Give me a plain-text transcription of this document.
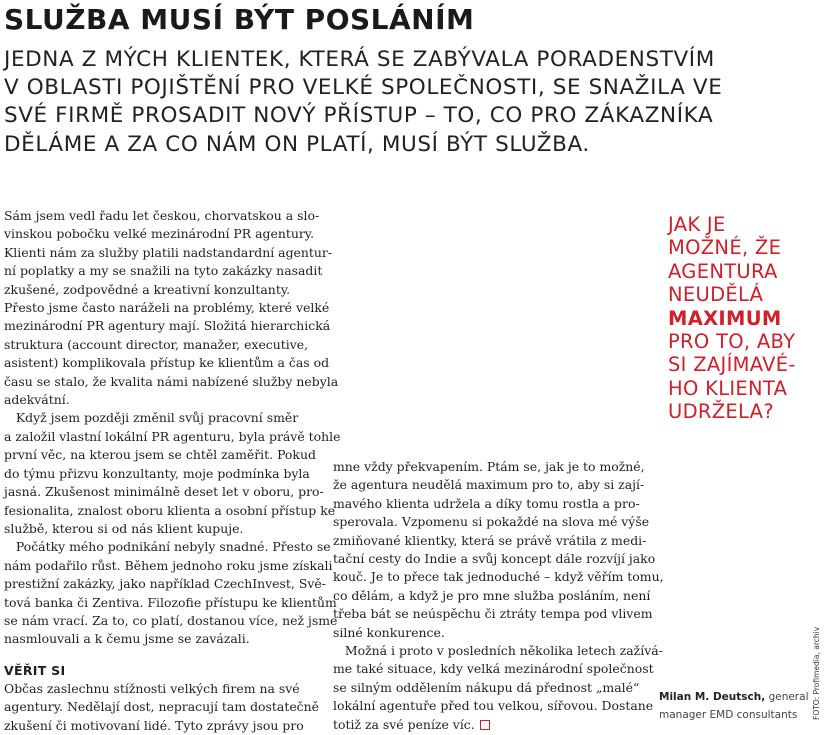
SLUŽBA MUSÍ BÝT POSLÁNÍM
JEDNA Z MÝCH KLIENTEK, KTERÁ SE ZABÝVALA PORADENSTVÍM
V OBLASTI POJIŠTĚNÍ PRO VELKÉ SPOLEČNOSTI, SE SNAŽILA VE
SVÉ FIRMĚ PROSADIT NOVÝ PŘÍSTUP – TO, CO PRO ZÁKAZNÍKA
DĚLÁME A ZA CO NÁM ON PLATÍ, MUSÍ BÝT SLUŽBA.
Sám jsem vedl řadu let českou, chorvatskou a slo-
vinskou pobočku velké mezinárodní PR agentury.
Klienti nám za služby platili nadstandardní agentur-
ní poplatky a my se snažili na tyto zakázky nasadit
zkušené, zodpovědné a kreativní konzultanty.
Přesto jsme často naráželi na problémy, které velké
mezinárodní PR agentury mají. Složitá hierarchická
struktura (account director, manažer, executive,
asistent) komplikovala přístup ke klientům a čas od
času se stalo, že kvalita námi nabízené služby nebyla
adekvátní.
Když jsem později změnil svůj pracovní směr
a založil vlastní lokální PR agenturu, byla právě tohle
první věc, na kterou jsem se chtěl zaměřit. Pokud
do týmu přizvu konzultanty, moje podmínka byla
jasná. Zkušenost minimálně deset let v oboru, pro-
fesionalita, znalost oboru klienta a osobní přístup ke
službě, kterou si od nás klient kupuje.
Počátky mého podnikání nebyly snadné. Přesto se
nám podařilo růst. Během jednoho roku jsme získali
prestižní zakázky, jako například CzechInvest, Svě-
tová banka či Zentiva. Filozofie přístupu ke klientům
se nám vrací. Za to, co platí, dostanou více, než jsme
nasmlouvali a k čemu jsme se zavázali.
VĚŘIT SI
Občas zaslechnu stížnosti velkých firem na své
agentury. Nedělají dost, nepracují tam dostatečně
zkušení či motivovaní lidé. Tyto zprávy jsou pro
mne vždy překvapením. Ptám se, jak je to možné,
že agentura neudělá maximum pro to, aby si zají-
mavého klienta udržela a díky tomu rostla a pro-
sperovala. Vzpomenu si pokaždé na slova mé výše
zmiňované klientky, která se právě vrátila z medi-
tační cesty do Indie a svůj koncept dále rozvíjí jako
kouč. Je to přece tak jednoduché – když věřím tomu,
co dělám, a když je pro mne služba posláním, není
třeba bát se neúspěchu či ztráty tempa pod vlivem
silné konkurence.
Možná i proto v posledních několika letech zažívá-
me také situace, kdy velká mezinárodní společnost
se silným oddělením nákupu dá přednost „malé“
lokální agentuře před tou velkou, sířovou. Dostane
totiž za své peníze víc.
JAK JE
MOŽNÉ, ŽE
AGENTURA
NEUDĚLÁ
MAXIMUM
PRO TO, ABY
SI ZAJÍMAVÉ-
HO KLIENTA
UDRŽELA?
Milan M. Deutsch, general
manager EMD consultants	FOTO: Profimedia, archiv
